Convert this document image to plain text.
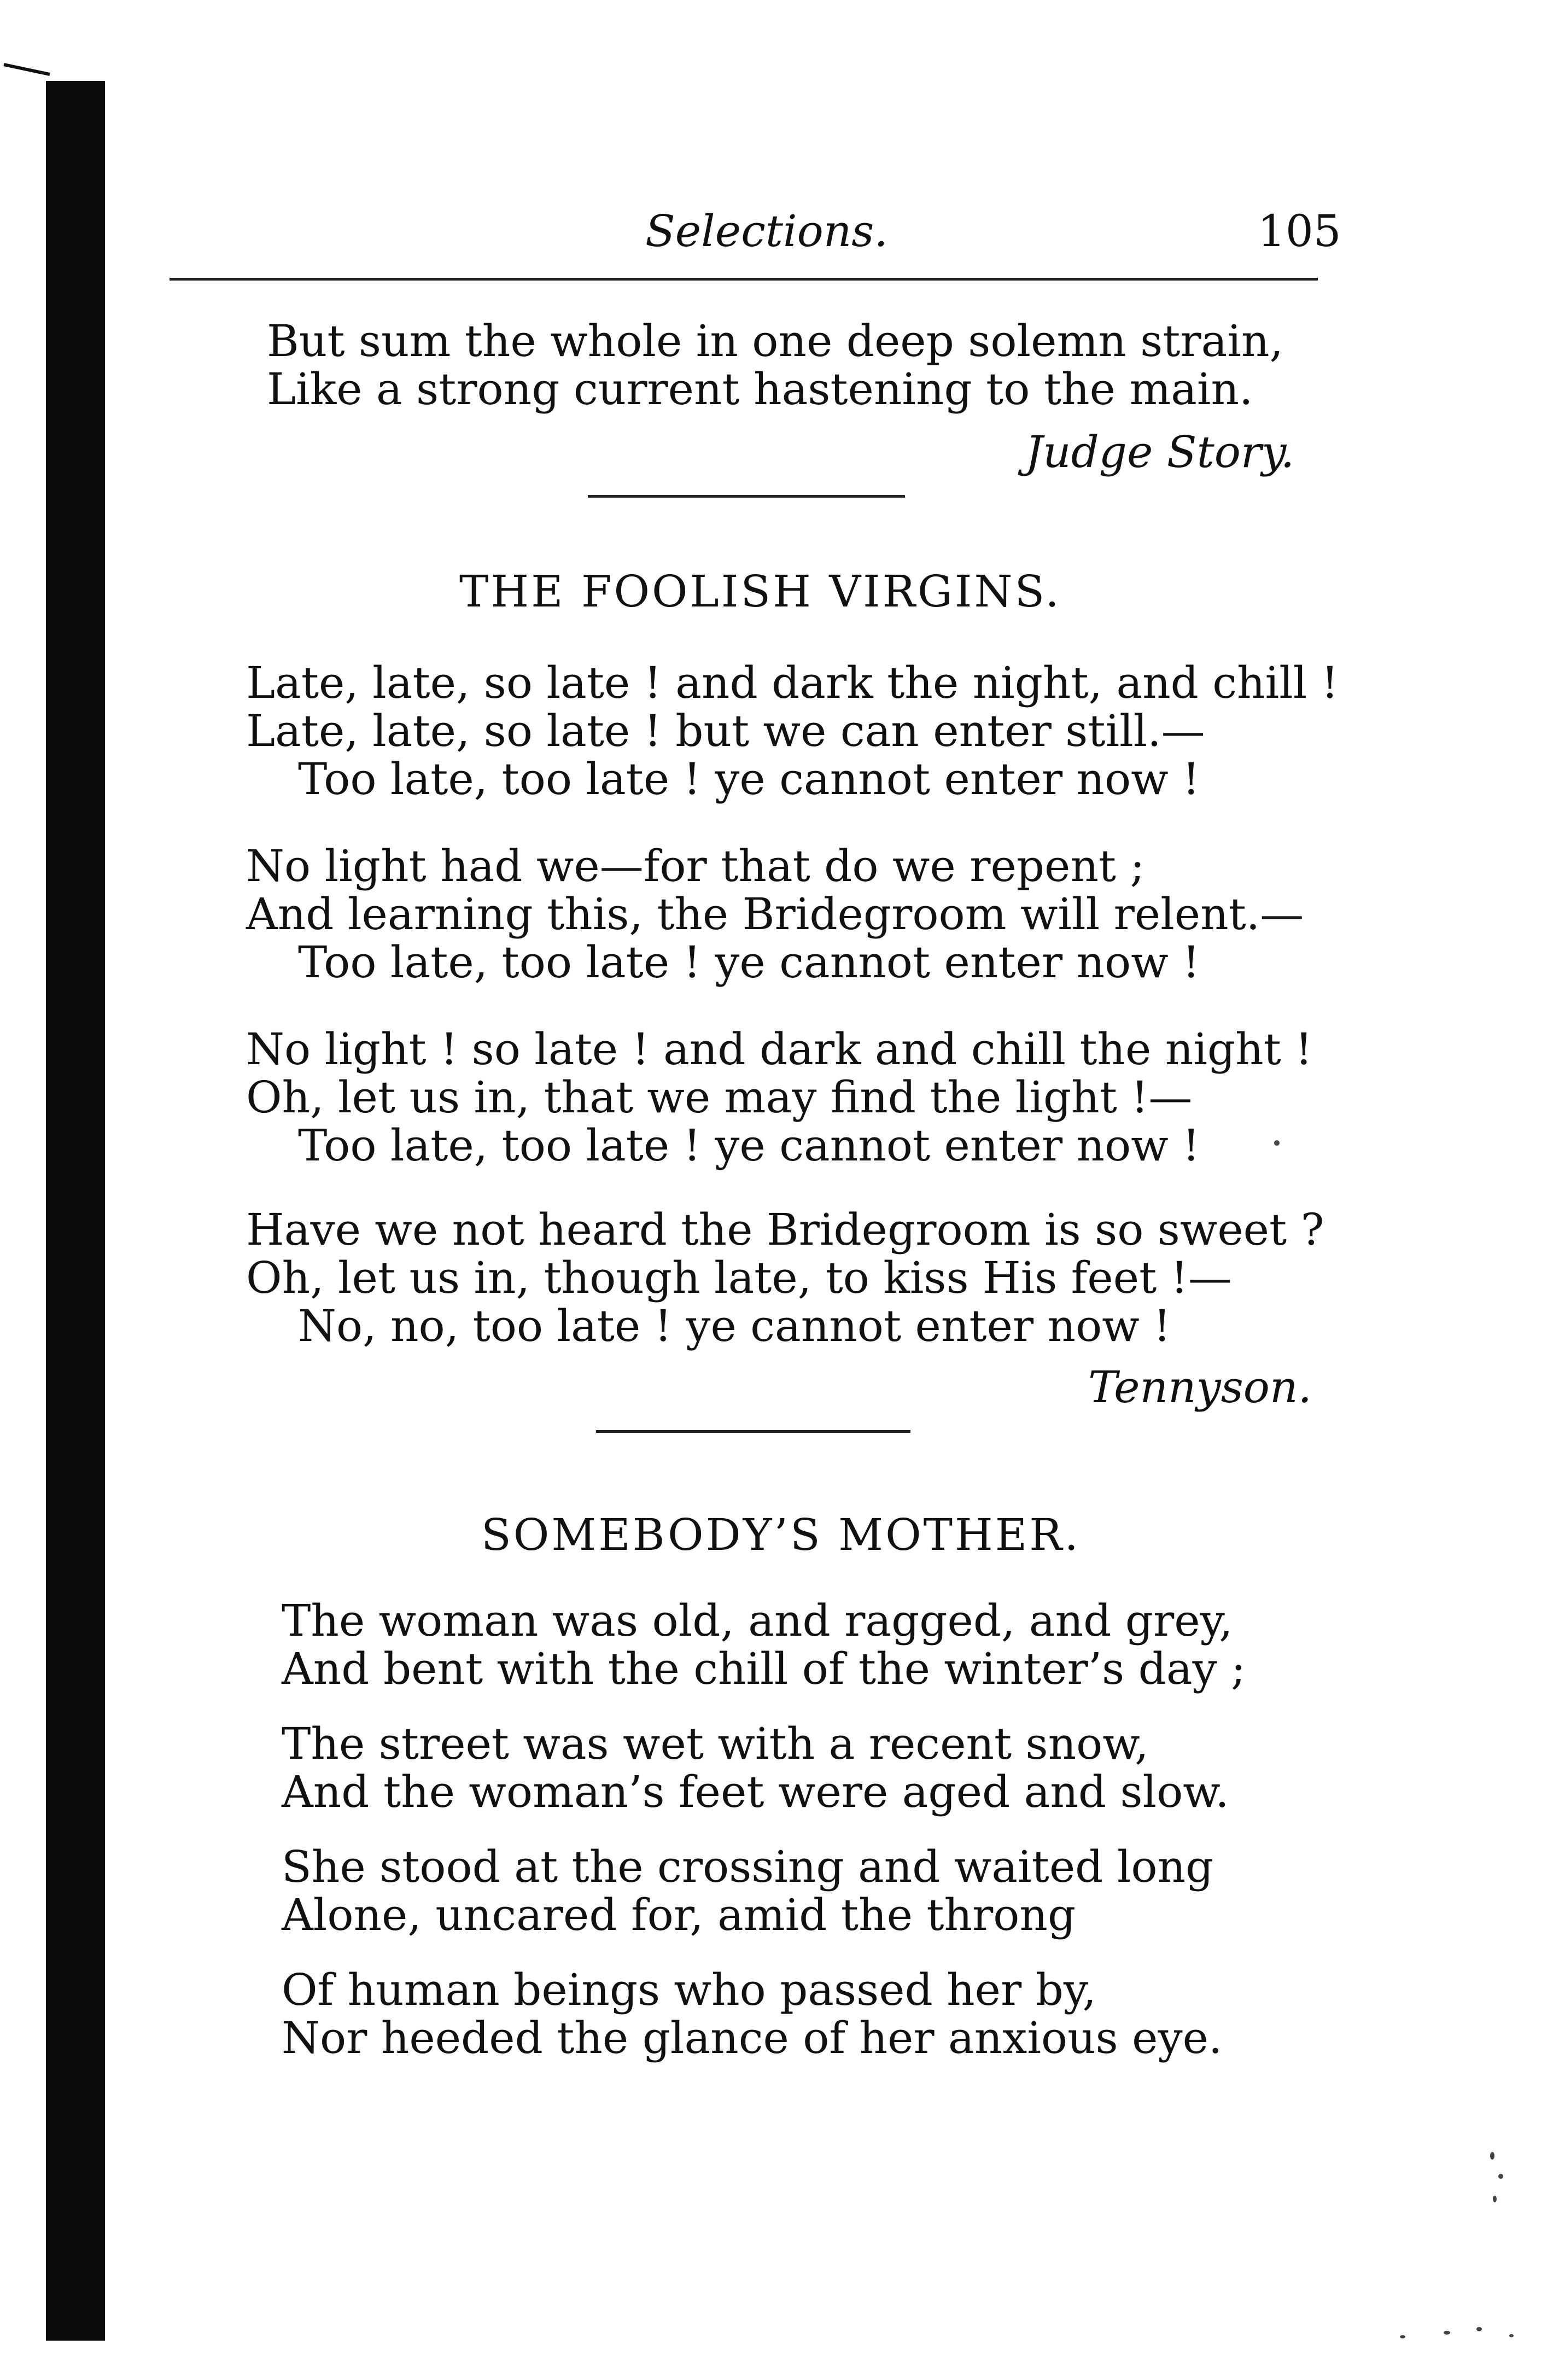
Selections.	105
But sum the whole in one deep solemn strain,
Like a strong current hastening to the main.
Judge Story.
THE FOOLISH VIRGINS.
Late, late, so late ! and dark the night, and chill !
Late, late, so late ! but we can enter still.—
Too late, too late ! ye cannot enter now !
No light had we—for that do we repent ;
And learning this, the Bridegroom will relent.—
Too late, too late ! ye cannot enter now !
No light ! so late ! and dark and chill the night !
Oh, let us in, that we may find the light !—
Too late, too late ! ye cannot enter now !
Have we not heard the Bridegroom is so sweet ?
Oh, let us in, though late, to kiss His feet !—
No, no, too late ! ye cannot enter now !
Tennyson.
SOMEBODY’S MOTHER.
The woman was old, and ragged, and grey,
And bent with the chill of the winter’s day ;
The street was wet with a recent snow,
And the woman’s feet were aged and slow.
She stood at the crossing and waited long
Alone, uncared for, amid the throng
Of human beings who passed her by,
Nor heeded the glance of her anxious eye.
